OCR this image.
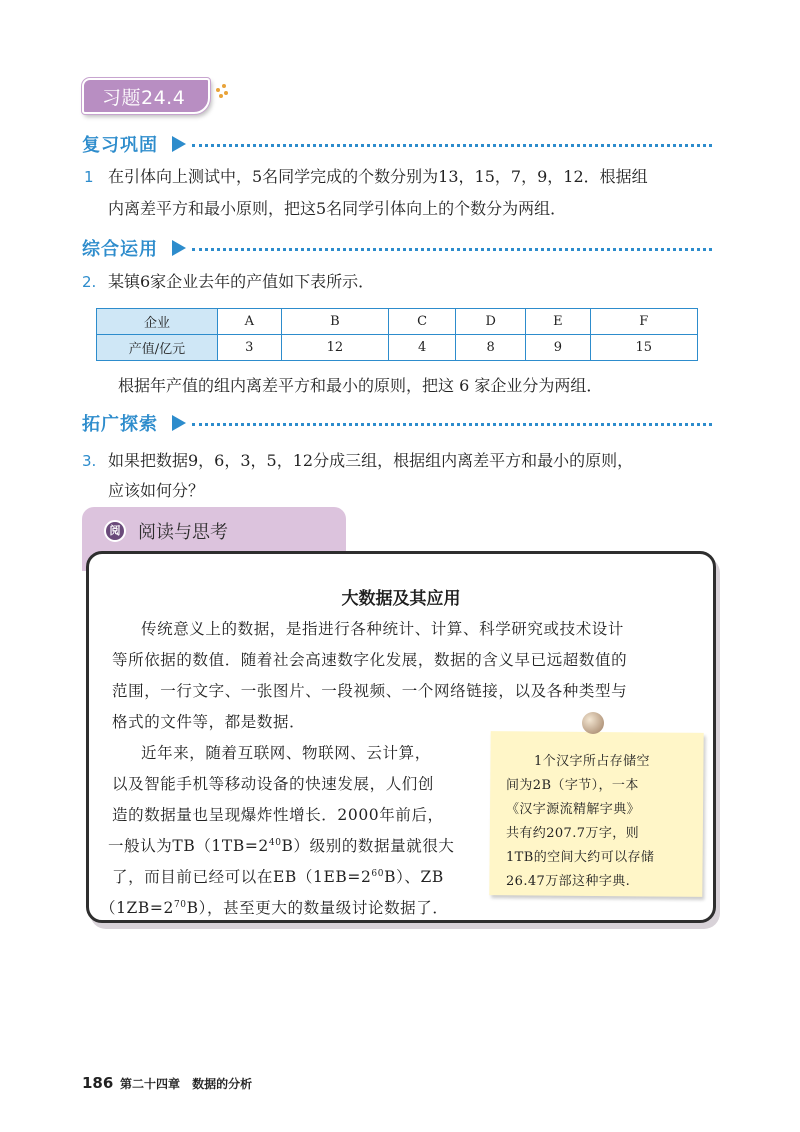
习题24.4
复习巩固
1 在引体向上测试中，5名同学完成的个数分别为13，15，7，9，12．根据组
内离差平方和最小原则，把这5名同学引体向上的个数分为两组．
综合运用
2. 某镇6家企业去年的产值如下表所示．
企业	A	B	C	D	E	F
产值/亿元	3	12	4	8	9	15
根据年产值的组内离差平方和最小的原则，把这 6 家企业分为两组．
拓广探索
3. 如果把数据9，6，3，5，12分成三组，根据组内离差平方和最小的原则，
应该如何分？
阅 阅读与思考
大数据及其应用
传统意义上的数据，是指进行各种统计、计算、科学研究或技术设计
等所依据的数值．随着社会高速数字化发展，数据的含义早已远超数值的
范围，一行文字、一张图片、一段视频、一个网络链接，以及各种类型与
格式的文件等，都是数据．
近年来，随着互联网、物联网、云计算，
以及智能手机等移动设备的快速发展，人们创
造的数据量也呈现爆炸性增长．2000年前后，
一般认为$TB(1TB=2^{40}B)$级别的数据量就很大
了，而目前已经可以在$EB(1EB=2^{60}B)$、ZB
$(1ZB=2^{70}B)$，甚至更大的数量级讨论数据了．
1个汉字所占存储空
间为2B（字节），一本
《汉字源流精解字典》
共有约207.7万字，则
1TB的空间大约可以存储
26.47万部这种字典.
186 第二十四章 数据的分析
